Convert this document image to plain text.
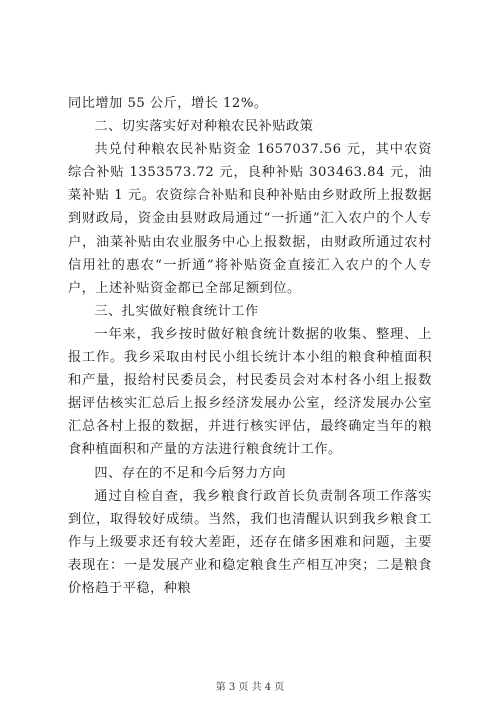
同比增加 55 公斤，增长 12%。

二、切实落实好对种粮农民补贴政策

共兑付种粮农民补贴资金 1657037.56 元，其中农资综合补贴 1353573.72 元，良种补贴 303463.84 元，油菜补贴 1 元。农资综合补贴和良种补贴由乡财政所上报数据到财政局，资金由县财政局通过“一折通”汇入农户的个人专户，油菜补贴由农业服务中心上报数据，由财政所通过农村信用社的惠农“一折通”将补贴资金直接汇入农户的个人专户，上述补贴资金都已全部足额到位。

三、扎实做好粮食统计工作

一年来，我乡按时做好粮食统计数据的收集、整理、上报工作。我乡采取由村民小组长统计本小组的粮食种植面积和产量，报给村民委员会，村民委员会对本村各小组上报数据评估核实汇总后上报乡经济发展办公室，经济发展办公室汇总各村上报的数据，并进行核实评估，最终确定当年的粮食种植面积和产量的方法进行粮食统计工作。

四、存在的不足和今后努力方向

通过自检自查，我乡粮食行政首长负责制各项工作落实到位，取得较好成绩。当然，我们也清醒认识到我乡粮食工作与上级要求还有较大差距，还存在储多困难和问题，主要表现在：一是发展产业和稳定粮食生产相互冲突；二是粮食价格趋于平稳，种粮

第 3 页 共 4 页
